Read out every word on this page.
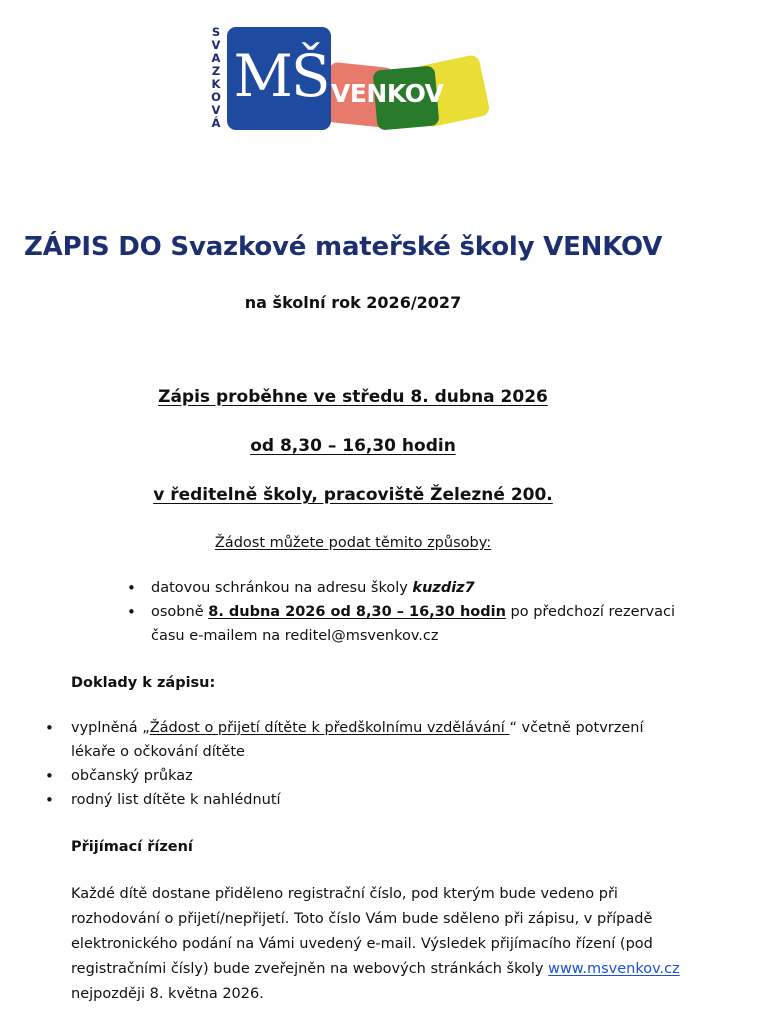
S
V
A
Z
K
O
V
Á
MŠ VENKOV
ZÁPIS DO Svazkové mateřské školy VENKOV
na školní rok 2026/2027
Zápis proběhne ve středu 8. dubna 2026
od 8,30 – 16,30 hodin
v ředitelně školy, pracoviště Železné 200.
Žádost můžete podat těmito způsoby:
• datovou schránkou na adresu školy kuzdiz7
• osobně 8. dubna 2026 od 8,30 – 16,30 hodin po předchozí rezervaci času e-mailem na reditel@msvenkov.cz
Doklady k zápisu:
• vyplněná „Žádost o přijetí dítěte k předškolnímu vzdělávání “ včetně potvrzení lékaře o očkování dítěte
• občanský průkaz
• rodný list dítěte k nahlédnutí
Přijímací řízení
Každé dítě dostane přiděleno registrační číslo, pod kterým bude vedeno při rozhodování o přijetí/nepřijetí. Toto číslo Vám bude sděleno při zápisu, v případě elektronického podání na Vámi uvedený e-mail. Výsledek přijímacího řízení (pod registračními čísly) bude zveřejněn na webových stránkách školy www.msvenkov.cz nejpozději 8. května 2026.
